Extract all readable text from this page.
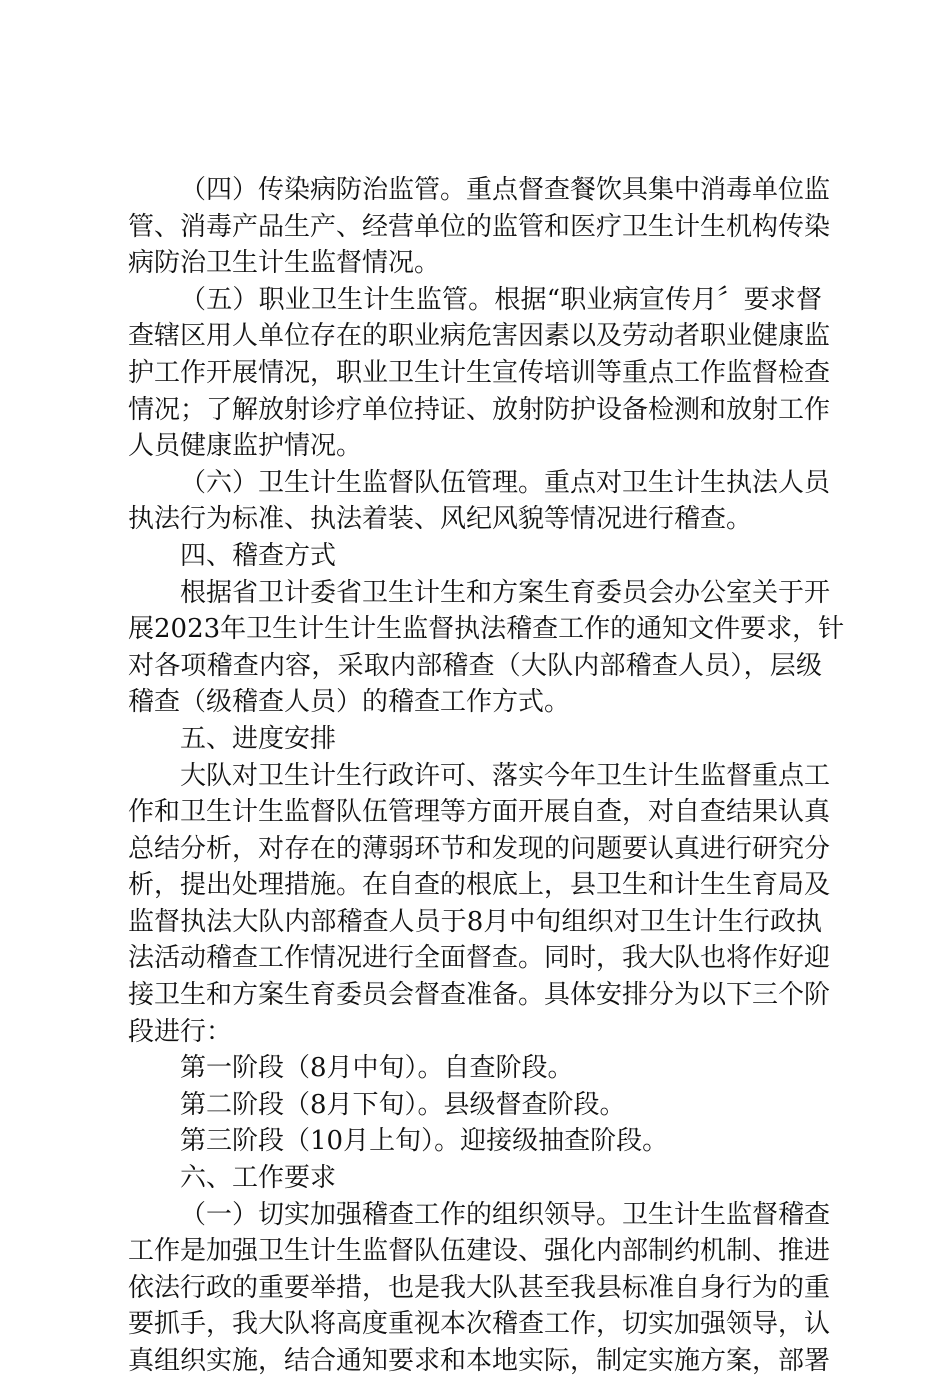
（四）传染病防治监管。重点督查餐饮具集中消毒单位监
管、消毒产品生产、经营单位的监管和医疗卫生计生机构传染
病防治卫生计生监督情况。
（五）职业卫生计生监管。根据“职业病宣传月〞要求督
查辖区用人单位存在的职业病危害因素以及劳动者职业健康监
护工作开展情况，职业卫生计生宣传培训等重点工作监督检查
情况；了解放射诊疗单位持证、放射防护设备检测和放射工作
人员健康监护情况。
（六）卫生计生监督队伍管理。重点对卫生计生执法人员
执法行为标准、执法着装、风纪风貌等情况进行稽查。
四、稽查方式
根据省卫计委省卫生计生和方案生育委员会办公室关于开
展2023年卫生计生计生监督执法稽查工作的通知文件要求，针
对各项稽查内容，采取内部稽查（大队内部稽查人员），层级
稽查（级稽查人员）的稽查工作方式。
五、进度安排
大队对卫生计生行政许可、落实今年卫生计生监督重点工
作和卫生计生监督队伍管理等方面开展自查，对自查结果认真
总结分析，对存在的薄弱环节和发现的问题要认真进行研究分
析，提出处理措施。在自查的根底上，县卫生和计生生育局及
监督执法大队内部稽查人员于8月中旬组织对卫生计生行政执
法活动稽查工作情况进行全面督查。同时，我大队也将作好迎
接卫生和方案生育委员会督查准备。具体安排分为以下三个阶
段进行：
第一阶段（8月中旬）。自查阶段。
第二阶段（8月下旬）。县级督查阶段。
第三阶段（10月上旬）。迎接级抽查阶段。
六、工作要求
（一）切实加强稽查工作的组织领导。卫生计生监督稽查
工作是加强卫生计生监督队伍建设、强化内部制约机制、推进
依法行政的重要举措，也是我大队甚至我县标准自身行为的重
要抓手，我大队将高度重视本次稽查工作，切实加强领导，认
真组织实施，结合通知要求和本地实际，制定实施方案，部署
